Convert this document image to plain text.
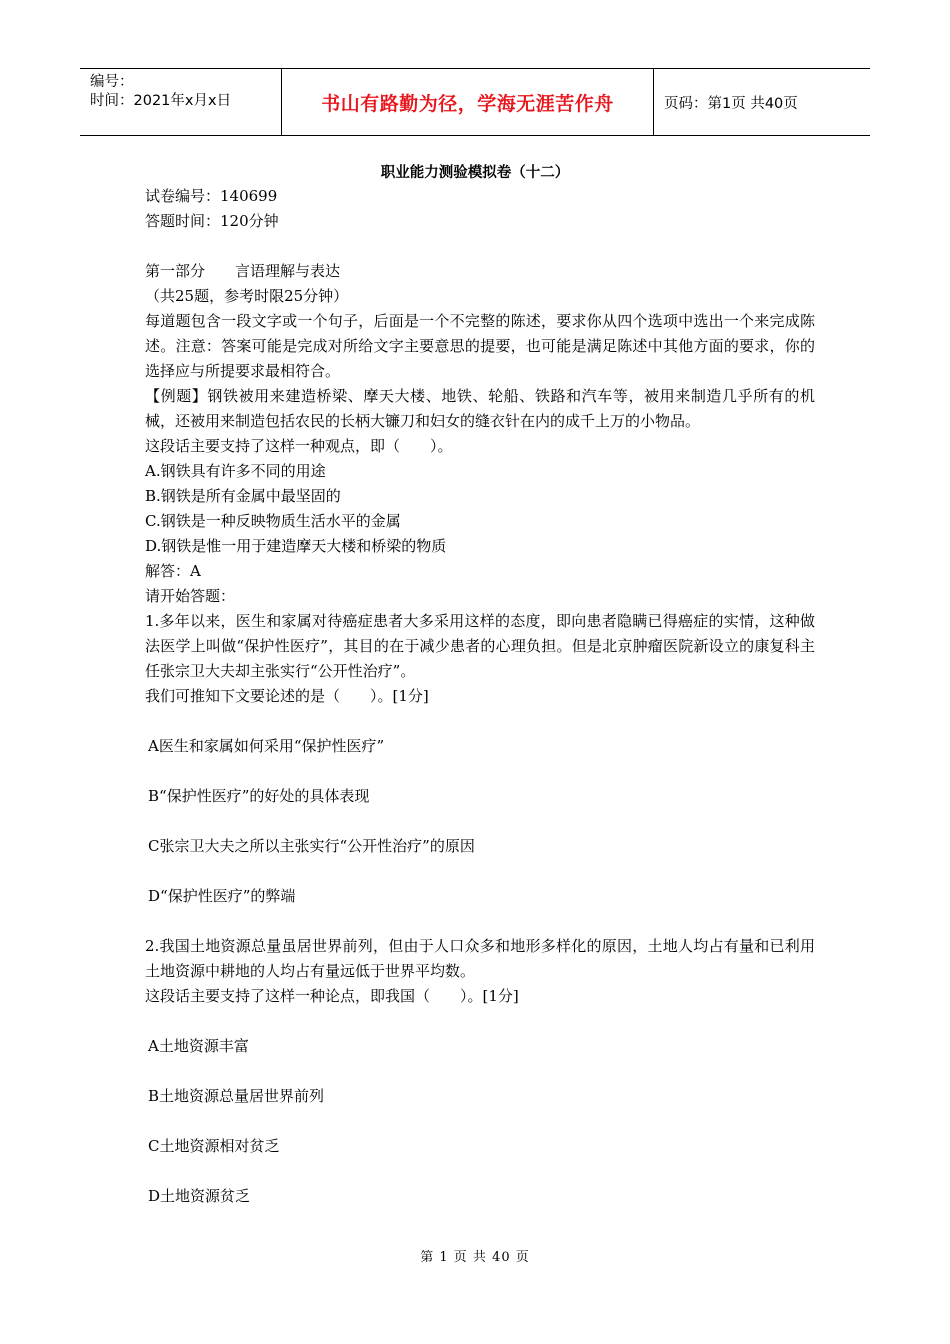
编号：
时间：2021年x月x日	书山有路勤为径，学海无涯苦作舟	页码：第1页 共40页
职业能力测验模拟卷（十二）
试卷编号：140699
答题时间：120分钟
第一部分　　言语理解与表达
（共25题，参考时限25分钟）
每道题包含一段文字或一个句子，后面是一个不完整的陈述，要求你从四个选项中选出一个来完成陈述。注意：答案可能是完成对所给文字主要意思的提要，也可能是满足陈述中其他方面的要求，你的选择应与所提要求最相符合。
【例题】钢铁被用来建造桥梁、摩天大楼、地铁、轮船、铁路和汽车等，被用来制造几乎所有的机械，还被用来制造包括农民的长柄大镰刀和妇女的缝衣针在内的成千上万的小物品。
这段话主要支持了这样一种观点，即（　　）。
A.钢铁具有许多不同的用途
B.钢铁是所有金属中最坚固的
C.钢铁是一种反映物质生活水平的金属
D.钢铁是惟一用于建造摩天大楼和桥梁的物质
解答：A
请开始答题：
1.多年以来，医生和家属对待癌症患者大多采用这样的态度，即向患者隐瞒已得癌症的实情，这种做法医学上叫做“保护性医疗”，其目的在于减少患者的心理负担。但是北京肿瘤医院新设立的康复科主任张宗卫大夫却主张实行“公开性治疗”。
我们可推知下文要论述的是（　　）。[1分]
A医生和家属如何采用“保护性医疗”
B“保护性医疗”的好处的具体表现
C张宗卫大夫之所以主张实行“公开性治疗”的原因
D“保护性医疗”的弊端
2.我国土地资源总量虽居世界前列，但由于人口众多和地形多样化的原因，土地人均占有量和已利用土地资源中耕地的人均占有量远低于世界平均数。
这段话主要支持了这样一种论点，即我国（　　）。[1分]
A土地资源丰富
B土地资源总量居世界前列
C土地资源相对贫乏
D土地资源贫乏
第 1 页 共 40 页
